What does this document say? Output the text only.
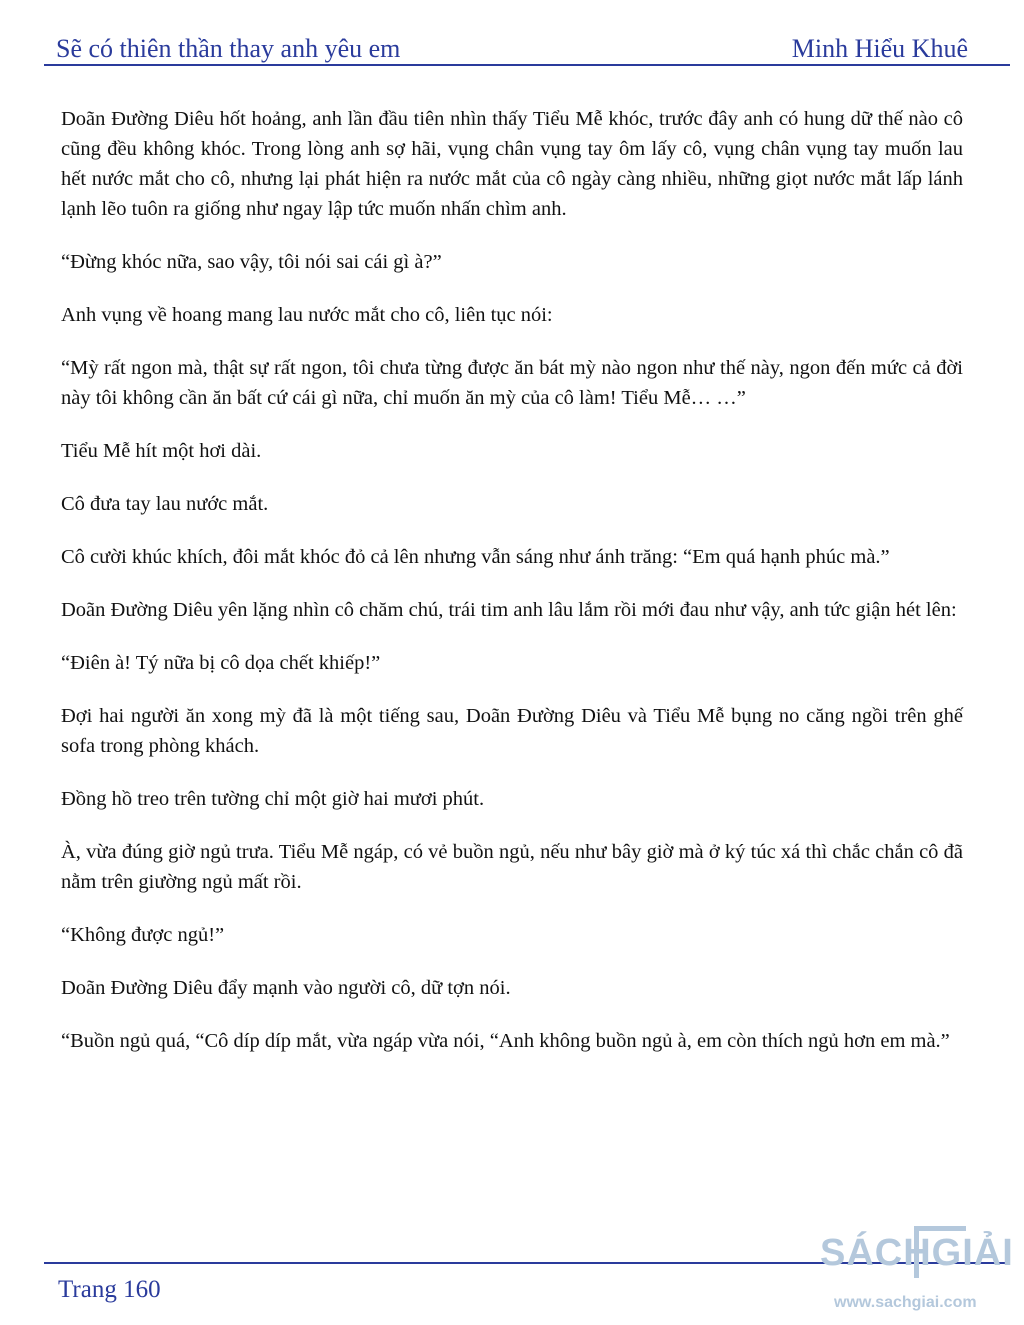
Sẽ có thiên thần thay anh yêu em	Minh Hiểu Khuê

Doãn Đường Diêu hốt hoảng, anh lần đầu tiên nhìn thấy Tiểu Mễ khóc, trước đây anh có hung dữ thế nào cô cũng đều không khóc. Trong lòng anh sợ hãi, vụng chân vụng tay ôm lấy cô, vụng chân vụng tay muốn lau hết nước mắt cho cô, nhưng lại phát hiện ra nước mắt của cô ngày càng nhiều, những giọt nước mắt lấp lánh lạnh lẽo tuôn ra giống như ngay lập tức muốn nhấn chìm anh.

“Đừng khóc nữa, sao vậy, tôi nói sai cái gì à?”

Anh vụng về hoang mang lau nước mắt cho cô, liên tục nói:

“Mỳ rất ngon mà, thật sự rất ngon, tôi chưa từng được ăn bát mỳ nào ngon như thế này, ngon đến mức cả đời này tôi không cần ăn bất cứ cái gì nữa, chỉ muốn ăn mỳ của cô làm! Tiểu Mễ… …”

Tiểu Mễ hít một hơi dài.

Cô đưa tay lau nước mắt.

Cô cười khúc khích, đôi mắt khóc đỏ cả lên nhưng vẫn sáng như ánh trăng: “Em quá hạnh phúc mà.”

Doãn Đường Diêu yên lặng nhìn cô chăm chú, trái tim anh lâu lắm rồi mới đau như vậy, anh tức giận hét lên:

“Điên à! Tý nữa bị cô dọa chết khiếp!”

Đợi hai người ăn xong mỳ đã là một tiếng sau, Doãn Đường Diêu và Tiểu Mễ bụng no căng ngồi trên ghế sofa trong phòng khách.

Đồng hồ treo trên tường chỉ một giờ hai mươi phút.

À, vừa đúng giờ ngủ trưa. Tiểu Mễ ngáp, có vẻ buồn ngủ, nếu như bây giờ mà ở ký túc xá thì chắc chắn cô đã nằm trên giường ngủ mất rồi.

“Không được ngủ!”

Doãn Đường Diêu đẩy mạnh vào người cô, dữ tợn nói.

“Buồn ngủ quá, “Cô díp díp mắt, vừa ngáp vừa nói, “Anh không buồn ngủ à, em còn thích ngủ hơn em mà.”

Trang 160
SÁCHGIẢI
www.sachgiai.com
